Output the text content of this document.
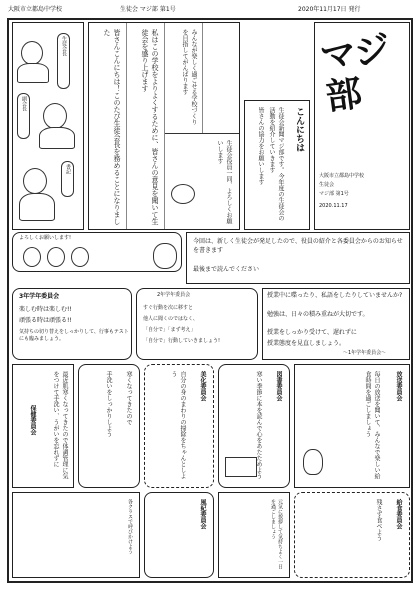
大阪市立都島中学校	生徒会 マジ部 第1号	2020年11月17日 発行
生徒会長
副会長
書記
よろしくお願いします!
皆さんこんにちは！このたび生徒会長を務めることになりました	私はこの学校をよりよくするために、皆さんの意見を聞いて生徒会を盛り上げます	みんなが楽しく過ごせる学校づくりを目指してがんばります
生徒会役員一同、よろしくお願いします	こんにちは
生徒会新聞マジ部です。今年度の生徒会の活動を紹介していきます
皆さんの協力をお願いします
マジ部
大阪市立都島中学校
生徒会
マジ部 第1号
2020.11.17
今回は、新しく生徒会が発足したので、役員の紹介と各委員会からのお知らせを書きます
最後まで読んでください
3年学年委員会
楽しむ時は楽しむ!!
頑張る時は頑張る!!
気持ちの切り替えをしっかりして、行事もテストにも臨みましょう。
2年学年委員会
すぐ行動を次に移すと
他人に聞くのではなく、
「自分で」「まず考え」
「自分で」行動していきましょう!
授業中に喋ったり、私語をしたりしていませんか?
勉強は、日々の積み重ねが大切です。
授業をしっかり受けて、遅れずに
授業態度を見直しましょう。
〜1年学年委員会〜
最近肌寒くなってきたので体調管理に気をつけて手洗い、うがいを忘れずに
保健委員会	寒くなってきたので
手洗いをしっかりしよう	美化委員会
自分の身のまわりの掃除をちゃんとしよう	図書委員会
寒い季節に本を読んで心をあたためよう	放送委員会
毎日の放送を聞いて、みんなで楽しい給食時間を過ごしましょう
各クラスで呼びかけよう	風紀委員会	元気に挨拶して気持ちよく一日を過ごしましょう	給食委員会
残さず食べよう
